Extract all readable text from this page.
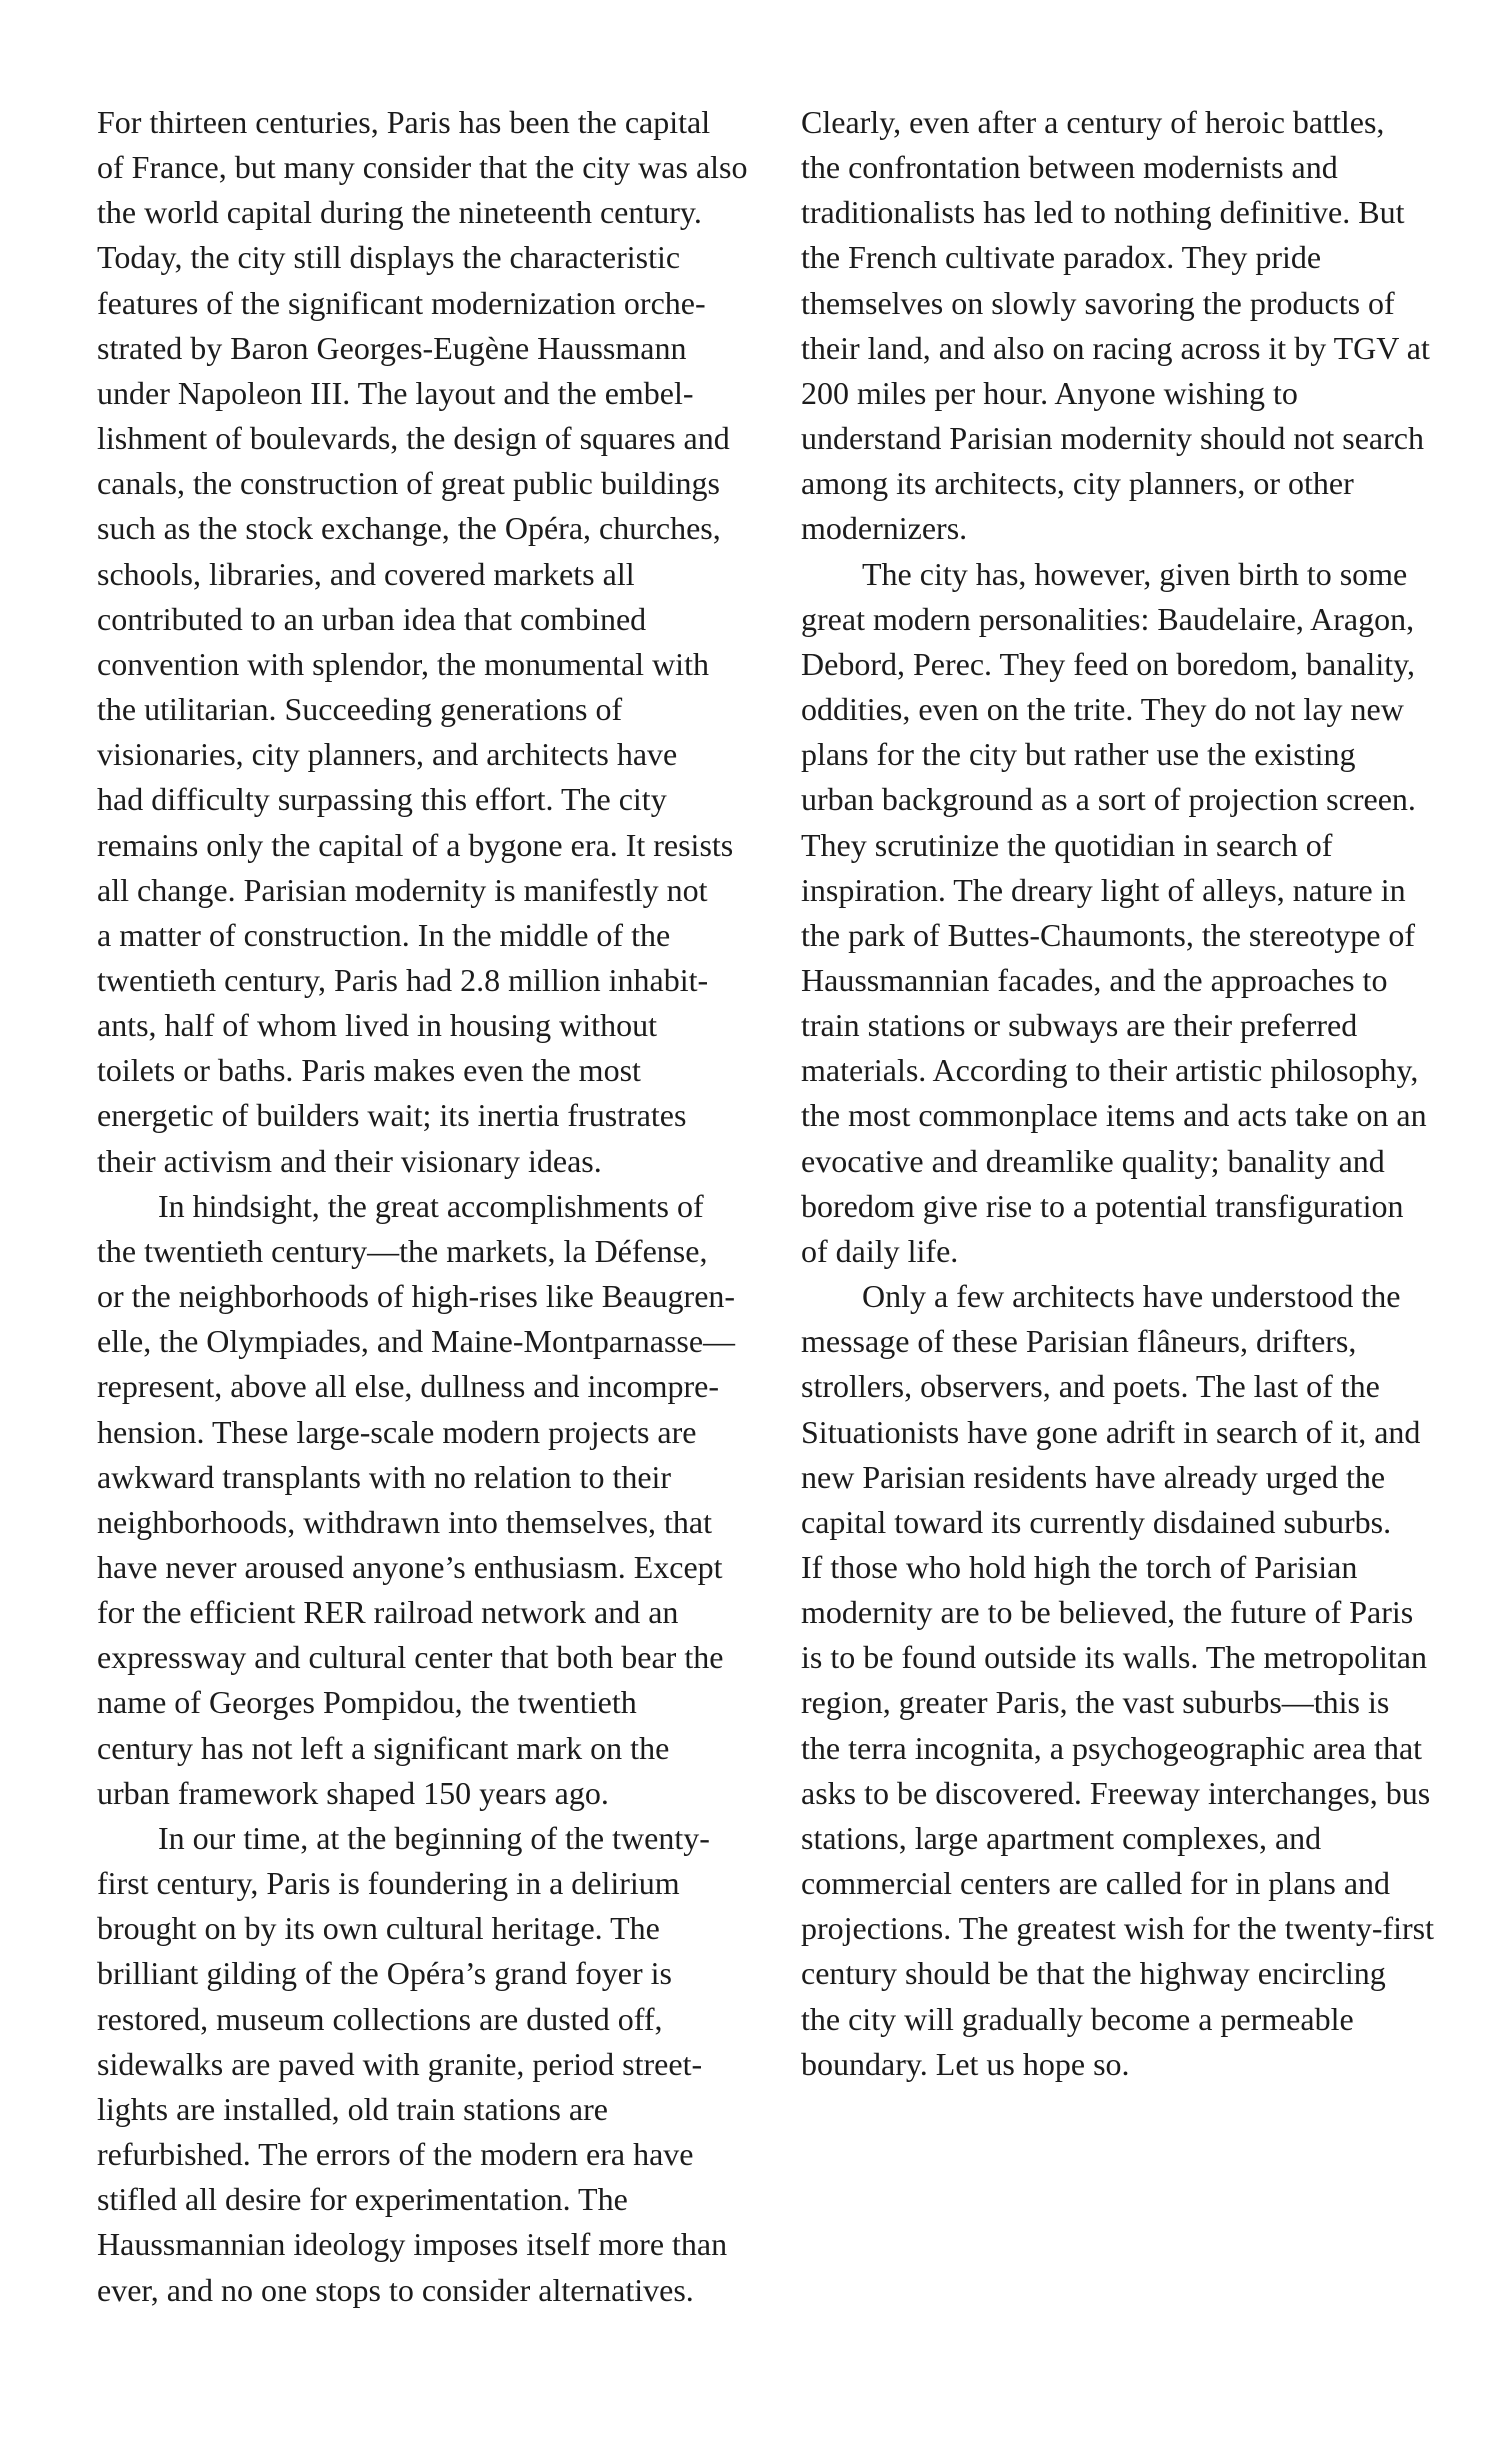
For thirteen centuries, Paris has been the capital
of France, but many consider that the city was also
the world capital during the nineteenth century.
Today, the city still displays the characteristic
features of the significant modernization orche-
strated by Baron Georges-Eugène Haussmann
under Napoleon III. The layout and the embel-
lishment of boulevards, the design of squares and
canals, the construction of great public buildings
such as the stock exchange, the Opéra, churches,
schools, libraries, and covered markets all
contributed to an urban idea that combined
convention with splendor, the monumental with
the utilitarian. Succeeding generations of
visionaries, city planners, and architects have
had difficulty surpassing this effort. The city
remains only the capital of a bygone era. It resists
all change. Parisian modernity is manifestly not
a matter of construction. In the middle of the
twentieth century, Paris had 2.8 million inhabit-
ants, half of whom lived in housing without
toilets or baths. Paris makes even the most
energetic of builders wait; its inertia frustrates
their activism and their visionary ideas.
In hindsight, the great accomplishments of
the twentieth century—the markets, la Défense,
or the neighborhoods of high-rises like Beaugren-
elle, the Olympiades, and Maine-Montparnasse—
represent, above all else, dullness and incompre-
hension. These large-scale modern projects are
awkward transplants with no relation to their
neighborhoods, withdrawn into themselves, that
have never aroused anyone’s enthusiasm. Except
for the efficient RER railroad network and an
expressway and cultural center that both bear the
name of Georges Pompidou, the twentieth
century has not left a significant mark on the
urban framework shaped 150 years ago.
In our time, at the beginning of the twenty-
first century, Paris is foundering in a delirium
brought on by its own cultural heritage. The
brilliant gilding of the Opéra’s grand foyer is
restored, museum collections are dusted off,
sidewalks are paved with granite, period street-
lights are installed, old train stations are
refurbished. The errors of the modern era have
stifled all desire for experimentation. The
Haussmannian ideology imposes itself more than
ever, and no one stops to consider alternatives.
Clearly, even after a century of heroic battles,
the confrontation between modernists and
traditionalists has led to nothing definitive. But
the French cultivate paradox. They pride
themselves on slowly savoring the products of
their land, and also on racing across it by TGV at
200 miles per hour. Anyone wishing to
understand Parisian modernity should not search
among its architects, city planners, or other
modernizers.
The city has, however, given birth to some
great modern personalities: Baudelaire, Aragon,
Debord, Perec. They feed on boredom, banality,
oddities, even on the trite. They do not lay new
plans for the city but rather use the existing
urban background as a sort of projection screen.
They scrutinize the quotidian in search of
inspiration. The dreary light of alleys, nature in
the park of Buttes-Chaumonts, the stereotype of
Haussmannian facades, and the approaches to
train stations or subways are their preferred
materials. According to their artistic philosophy,
the most commonplace items and acts take on an
evocative and dreamlike quality; banality and
boredom give rise to a potential transfiguration
of daily life.
Only a few architects have understood the
message of these Parisian flâneurs, drifters,
strollers, observers, and poets. The last of the
Situationists have gone adrift in search of it, and
new Parisian residents have already urged the
capital toward its currently disdained suburbs.
If those who hold high the torch of Parisian
modernity are to be believed, the future of Paris
is to be found outside its walls. The metropolitan
region, greater Paris, the vast suburbs—this is
the terra incognita, a psychogeographic area that
asks to be discovered. Freeway interchanges, bus
stations, large apartment complexes, and
commercial centers are called for in plans and
projections. The greatest wish for the twenty-first
century should be that the highway encircling
the city will gradually become a permeable
boundary. Let us hope so.
